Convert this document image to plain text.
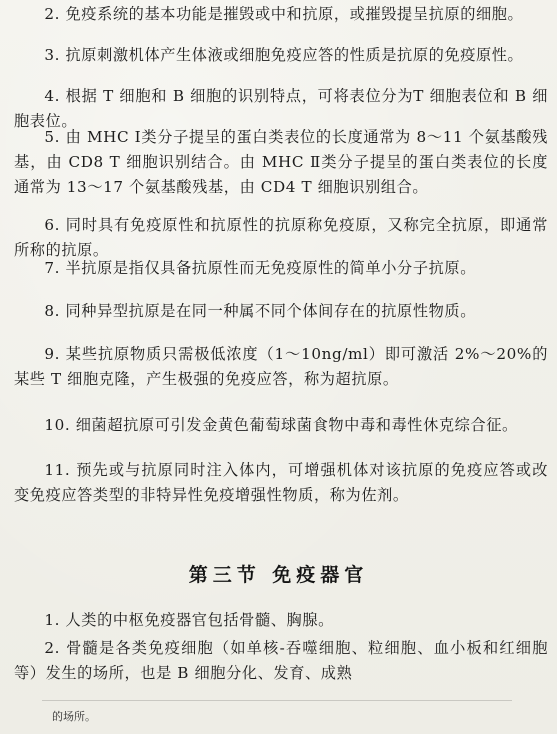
2. 免疫系统的基本功能是摧毁或中和抗原，或摧毁提呈抗原的细胞。

3. 抗原刺激机体产生体液或细胞免疫应答的性质是抗原的免疫原性。

4. 根据 T 细胞和 B 细胞的识别特点，可将表位分为T 细胞表位和 B 细胞表位。

5. 由 MHC Ⅰ类分子提呈的蛋白类表位的长度通常为 8～11 个氨基酸残基，由 CD8 T 细胞识别结合。由 MHC Ⅱ类分子提呈的蛋白类表位的长度通常为 13～17 个氨基酸残基，由 CD4 T 细胞识别组合。

6. 同时具有免疫原性和抗原性的抗原称免疫原，又称完全抗原，即通常所称的抗原。

7. 半抗原是指仅具备抗原性而无免疫原性的简单小分子抗原。

8. 同种异型抗原是在同一种属不同个体间存在的抗原性物质。

9. 某些抗原物质只需极低浓度（1～10ng/ml）即可激活 2%～20%的某些 T 细胞克隆，产生极强的免疫应答，称为超抗原。

10. 细菌超抗原可引发金黄色葡萄球菌食物中毒和毒性休克综合征。

11. 预先或与抗原同时注入体内，可增强机体对该抗原的免疫应答或改变免疫应答类型的非特异性免疫增强性物质，称为佐剂。

第三节 免疫器官

1. 人类的中枢免疫器官包括骨髓、胸腺。

2. 骨髓是各类免疫细胞（如单核-吞噬细胞、粒细胞、血小板和红细胞等）发生的场所，也是 B 细胞分化、发育、成熟

的场所。
